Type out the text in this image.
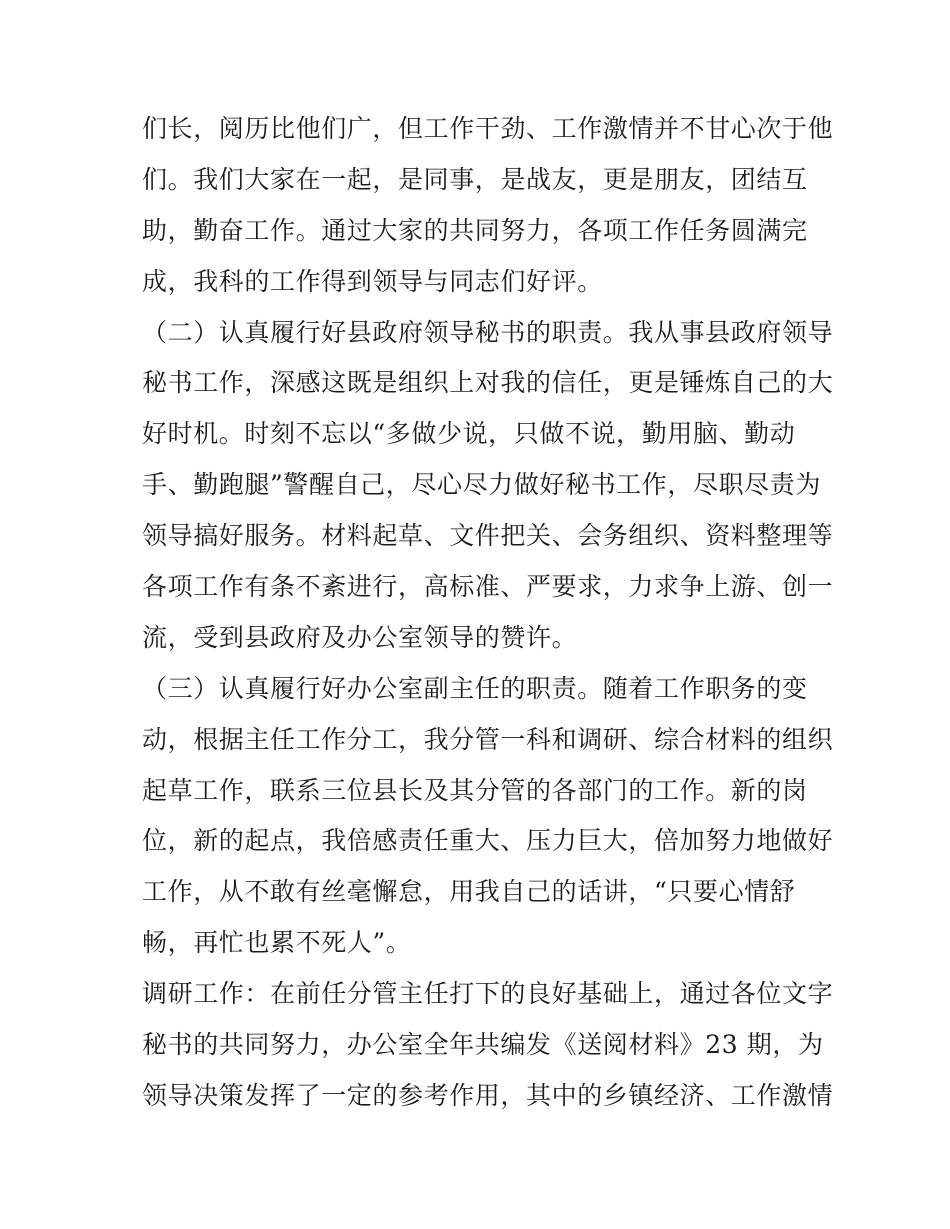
们长，阅历比他们广，但工作干劲、工作激情并不甘心次于他
们。我们大家在一起，是同事，是战友，更是朋友，团结互
助，勤奋工作。通过大家的共同努力，各项工作任务圆满完
成，我科的工作得到领导与同志们好评。
（二）认真履行好县政府领导秘书的职责。我从事县政府领导
秘书工作，深感这既是组织上对我的信任，更是锤炼自己的大
好时机。时刻不忘以“多做少说，只做不说，勤用脑、勤动
手、勤跑腿”警醒自己，尽心尽力做好秘书工作，尽职尽责为
领导搞好服务。材料起草、文件把关、会务组织、资料整理等
各项工作有条不紊进行，高标准、严要求，力求争上游、创一
流，受到县政府及办公室领导的赞许。
（三）认真履行好办公室副主任的职责。随着工作职务的变
动，根据主任工作分工，我分管一科和调研、综合材料的组织
起草工作，联系三位县长及其分管的各部门的工作。新的岗
位，新的起点，我倍感责任重大、压力巨大，倍加努力地做好
工作，从不敢有丝毫懈怠，用我自己的话讲，“只要心情舒
畅，再忙也累不死人”。
调研工作：在前任分管主任打下的良好基础上，通过各位文字
秘书的共同努力，办公室全年共编发《送阅材料》23 期，为
领导决策发挥了一定的参考作用，其中的乡镇经济、工作激情
